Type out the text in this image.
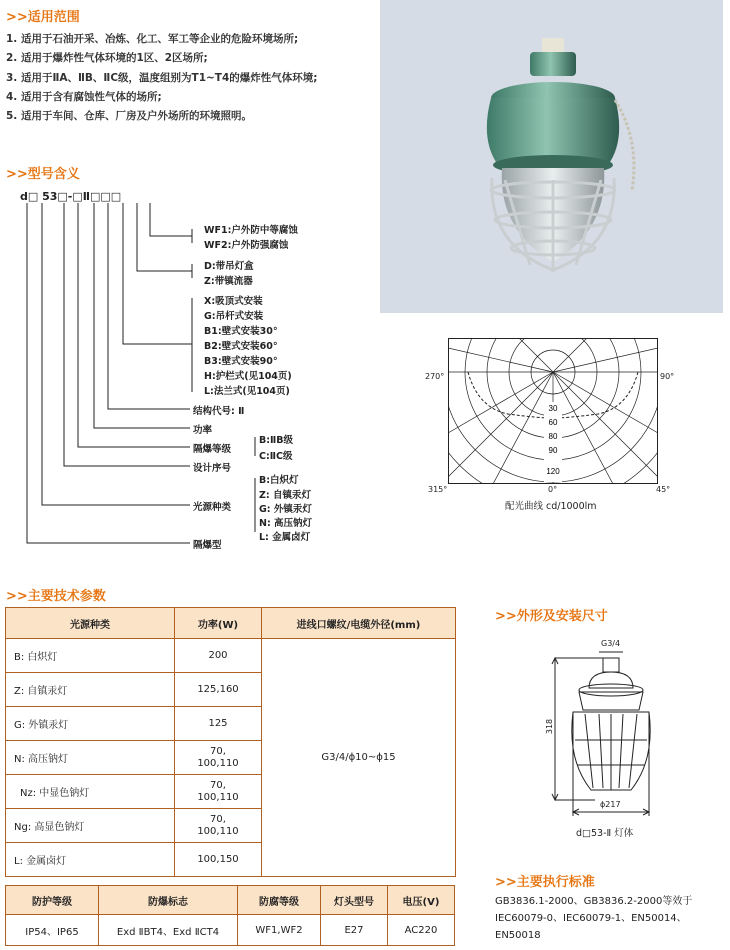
>>适用范围
1. 适用于石油开采、冶炼、化工、军工等企业的危险环境场所;
2. 适用于爆炸性气体环境的1区、2区场所;
3. 适用于ⅡA、ⅡB、ⅡC级，温度组别为T1~T4的爆炸性气体环境;
4. 适用于含有腐蚀性气体的场所;
5. 适用于车间、仓库、厂房及户外场所的环境照明。
>>型号含义
d□ 53□-□Ⅱ□□□
WF1:户外防中等腐蚀
WF2:户外防强腐蚀
D:带吊灯盒
Z:带镇流器
X:吸顶式安装
G:吊杆式安装
B1:壁式安装30°
B2:壁式安装60°
B3:壁式安装90°
H:护栏式(见104页)
L:法兰式(见104页)
结构代号: Ⅱ
功率
隔爆等级
B:ⅡB级
C:ⅡC级
设计序号
B:白炽灯
Z: 自镇汞灯
G: 外镇汞灯
N: 高压钠灯
L: 金属卤灯
光源种类
隔爆型
30
60
80
90
120
270°	90°
315°	0°	45°
配光曲线 cd/1000lm
>>主要技术参数
光源种类	功率(W)	进线口螺纹/电缆外径(mm)
B: 白炽灯	200	G3/4/ϕ10~ϕ15
Z: 自镇汞灯	125,160	
G: 外镇汞灯	125	
N: 高压钠灯	70,
100,110	
Nz: 中显色钠灯	70,
100,110	
Ng: 高显色钠灯	70,
100,110	
L: 金属卤灯	100,150	
防护等级	防爆标志	防腐等级	灯头型号	电压(V)
IP54、IP65	Exd ⅡBT4、Exd ⅡCT4	WF1,WF2	E27	AC220
>>外形及安装尺寸
G3/4
318
ϕ217
d□53-Ⅱ 灯体
>>主要执行标准
GB3836.1-2000、GB3836.2-2000等效于IEC60079-0、IEC60079-1、EN50014、EN50018
